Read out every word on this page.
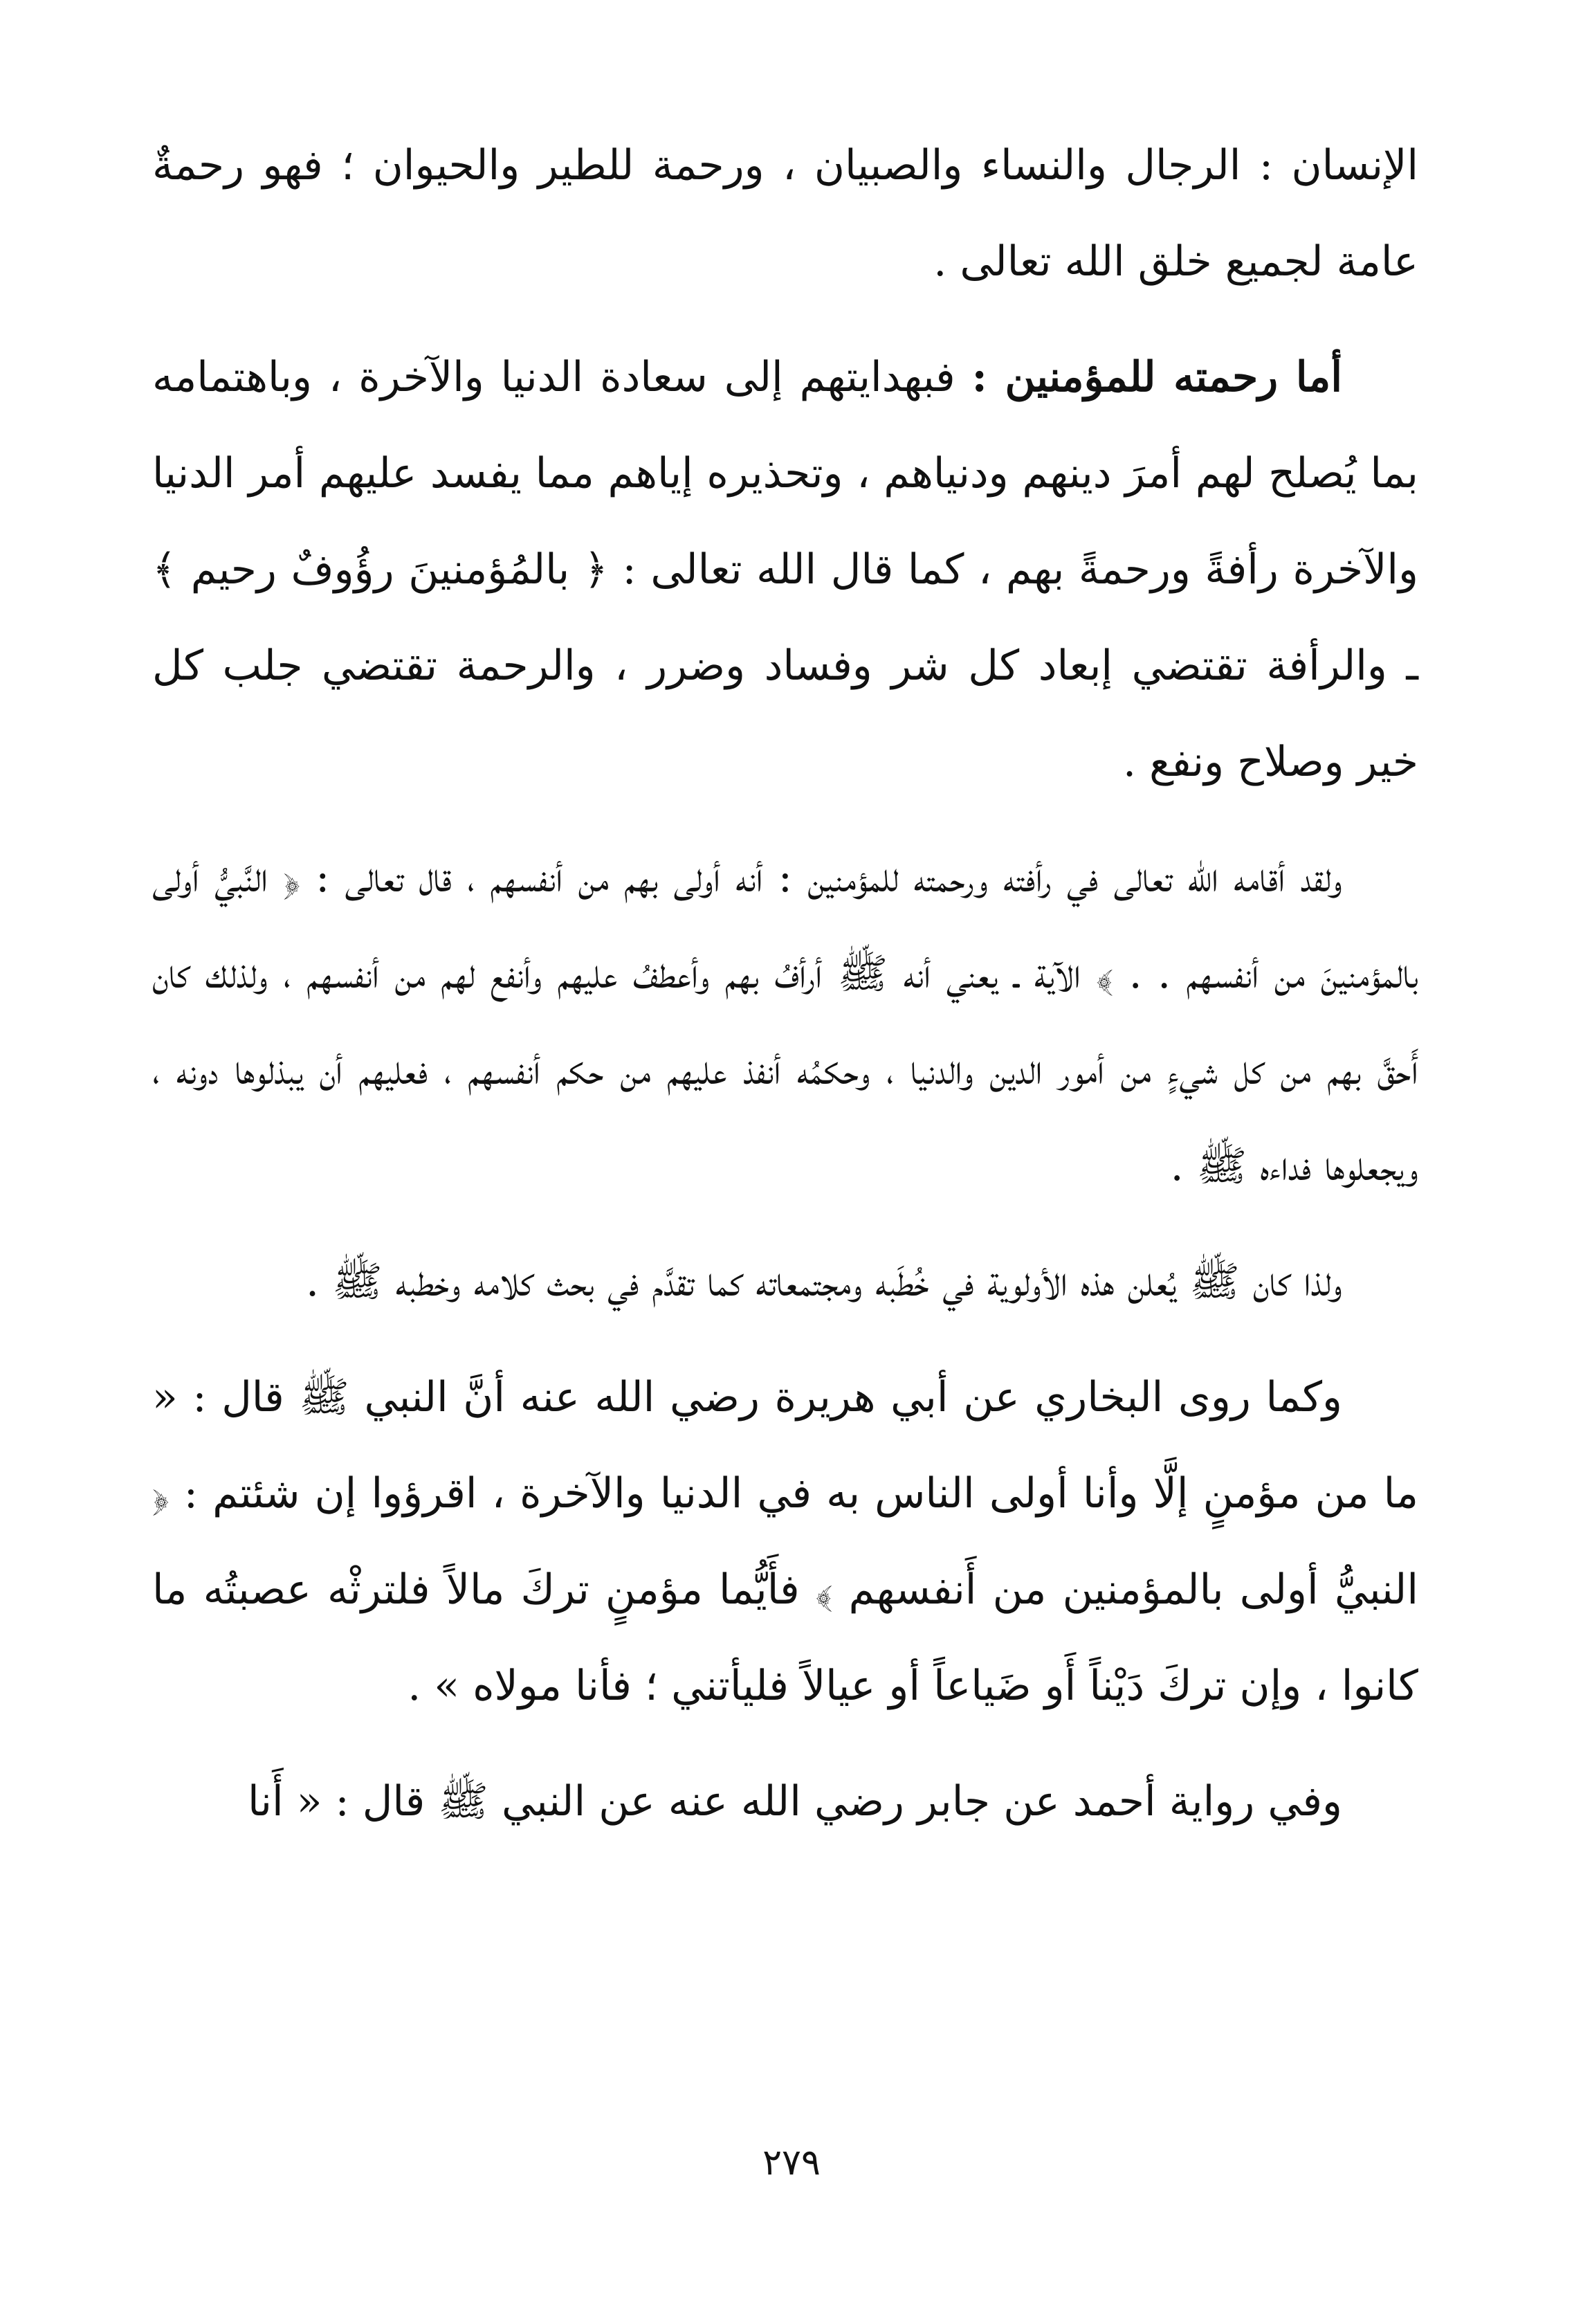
الإنسان : الرجال والنساء والصبيان ، ورحمة للطير والحيوان ؛ فهو رحمةٌ عامة لجميع خلق الله تعالى .

أما رحمته للمؤمنين : فبهدايتهم إلى سعادة الدنيا والآخرة ، وباهتمامه بما يُصلح لهم أمرَ دينهم ودنياهم ، وتحذيره إياهم مما يفسد عليهم أمر الدنيا والآخرة رأفةً ورحمةً بهم ، كما قال الله تعالى : ﴿ بالمُؤمنينَ رؤُوفٌ رحيم ﴾ ـ والرأفة تقتضي إبعاد كل شر وفساد وضرر ، والرحمة تقتضي جلب كل خير وصلاح ونفع .

ولقد أقامه الله تعالى في رأفته ورحمته للمؤمنين : أنه أولى بهم من أنفسهم ، قال تعالى : ﴿ النَّبيُّ أولى بالمؤمنينَ من أنفسهم . . ﴾ الآية ـ يعني أنه ﷺ أرأفُ بهم وأعطفُ عليهم وأنفع لهم من أنفسهم ، ولذلك كان أَحقَّ بهم من كل شيءٍ من أمور الدين والدنيا ، وحكمُه أنفذ عليهم من حكم أنفسهم ، فعليهم أن يبذلوها دونه ، ويجعلوها فداءه ﷺ .

ولذا كان ﷺ يُعلن هذه الأولوية في خُطَبه ومجتمعاته كما تقدَّم في بحث كلامه وخطبه ﷺ .

وكما روى البخاري عن أبي هريرة رضي الله عنه أنَّ النبي ﷺ قال : « ما من مؤمنٍ إلَّا وأنا أولى الناس به في الدنيا والآخرة ، اقرؤوا إن شئتم : ﴿ النبيُّ أولى بالمؤمنين من أَنفسهم ﴾ فأَيُّما مؤمنٍ تركَ مالاً فلترثْه عصبتُه ما كانوا ، وإن تركَ دَيْناً أَو ضَياعاً أو عيالاً فليأتني ؛ فأنا مولاه » .

وفي رواية أحمد عن جابر رضي الله عنه عن النبي ﷺ قال : « أَنا

٢٧٩
